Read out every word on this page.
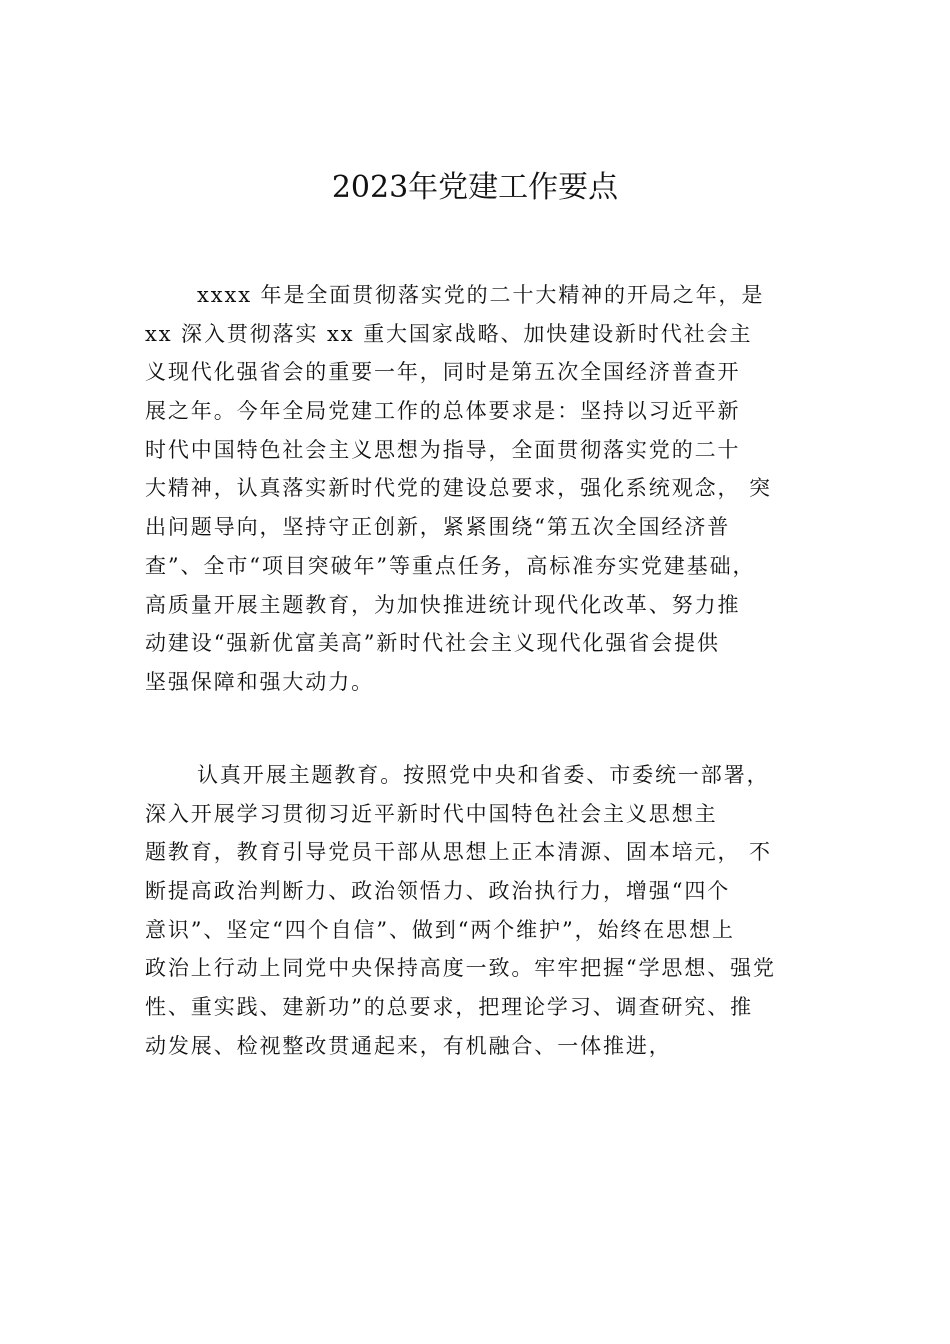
2023年党建工作要点
xxxx 年是全面贯彻落实党的二十大精神的开局之年，是
xx 深入贯彻落实 xx 重大国家战略、加快建设新时代社会主
义现代化强省会的重要一年，同时是第五次全国经济普查开
展之年。今年全局党建工作的总体要求是：坚持以习近平新
时代中国特色社会主义思想为指导，全面贯彻落实党的二十
大精神，认真落实新时代党的建设总要求，强化系统观念， 突
出问题导向，坚持守正创新，紧紧围绕“第五次全国经济普
查”、全市“项目突破年”等重点任务，高标准夯实党建基础，
高质量开展主题教育，为加快推进统计现代化改革、努力推
动建设“强新优富美高”新时代社会主义现代化强省会提供
坚强保障和强大动力。
认真开展主题教育。按照党中央和省委、市委统一部署，
深入开展学习贯彻习近平新时代中国特色社会主义思想主
题教育，教育引导党员干部从思想上正本清源、固本培元， 不
断提高政治判断力、政治领悟力、政治执行力，增强“四个
意识”、坚定“四个自信”、做到“两个维护”，始终在思想上
政治上行动上同党中央保持高度一致。牢牢把握“学思想、强党
性、重实践、建新功”的总要求，把理论学习、调查研究、推
动发展、检视整改贯通起来，有机融合、一体推进，
